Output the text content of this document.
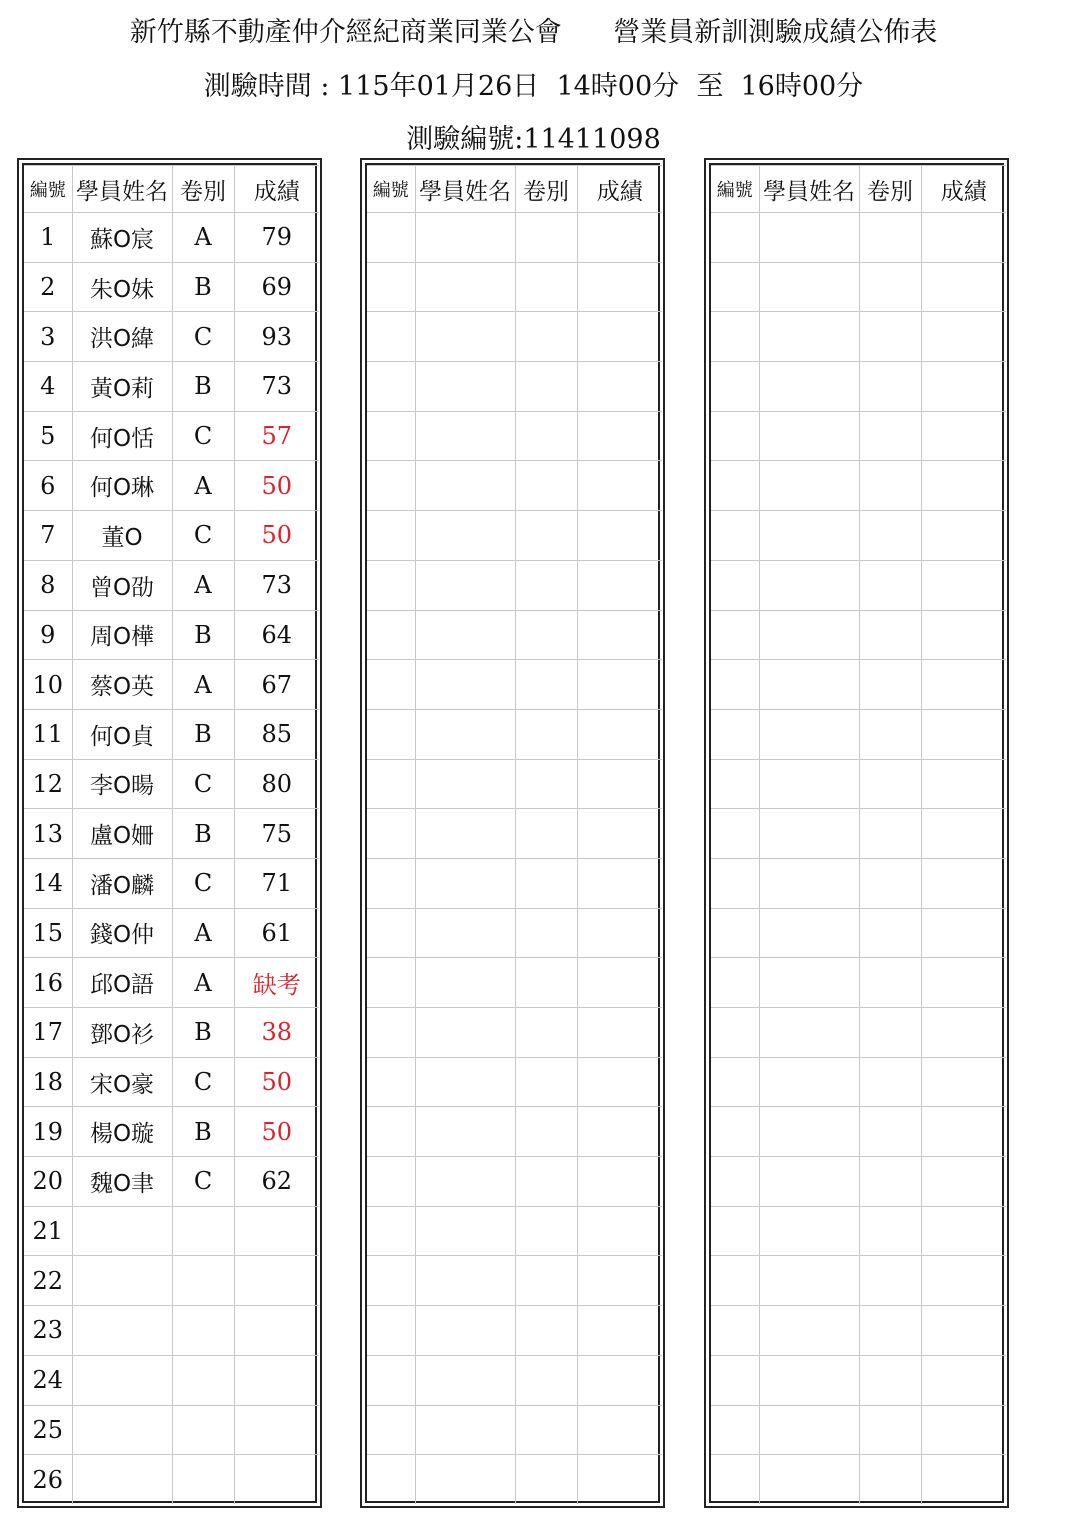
新竹縣不動產仲介經紀商業同業公會      營業員新訓測驗成績公佈表
測驗時間 : 115年01月26日  14時00分  至  16時00分
測驗編號:11411098
編號	學員姓名	卷別	成績
1	蘇O宸	A	79
2	朱O妹	B	69
3	洪O緯	C	93
4	黃O莉	B	73
5	何O恬	C	57
6	何O琳	A	50
7	董O	C	50
8	曾O劭	A	73
9	周O樺	B	64
10	蔡O英	A	67
11	何O貞	B	85
12	李O暘	C	80
13	盧O姍	B	75
14	潘O麟	C	71
15	錢O仲	A	61
16	邱O語	A	缺考
17	鄧O衫	B	38
18	宋O豪	C	50
19	楊O璇	B	50
20	魏O聿	C	62
21			
22			
23			
24			
25			
26			
編號	學員姓名	卷別	成績

				編號	學員姓名	卷別	成績
